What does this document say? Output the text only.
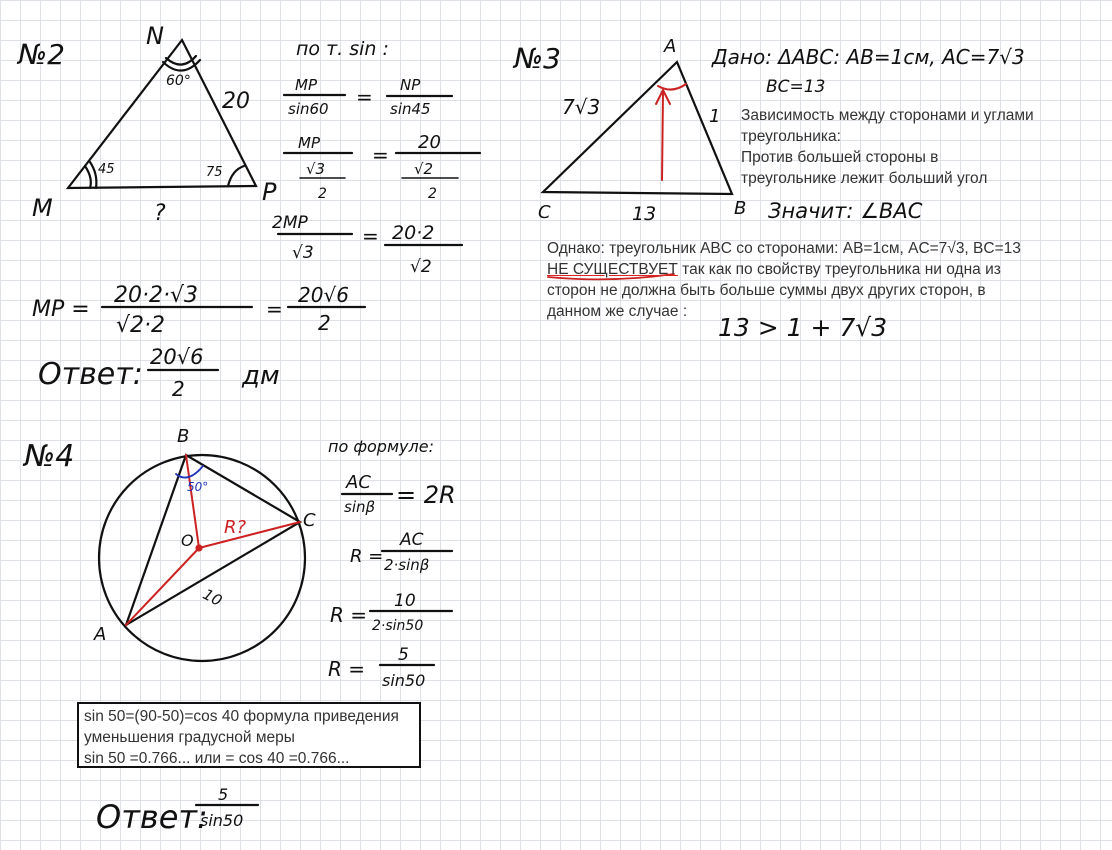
№2
N
M
P
60°
45	75
20
?
по т. sin :
MP
sin60 = NP
sin45
MP
√3
2
=
20
√2
2
2MP
√3
= 20·2
√2
MP =
20·2·√3
√2·2
=
20√6
2
Ответ: 20√6
2 дм
№3	A
C	B
7√3	1
13
Дано: ΔABC: AB=1см, AC=7√3
BC=13
Значит: ∠BAC
13 > 1 + 7√3
№4
B
C
A
O
50°
R?
10
по формуле:
AC
sinβ = 2R
R =
AC
2·sinβ
R =
10
2·sin50
R =
5
sin50
Ответ:
5
sin50
Зависимость между сторонами и углами
треугольника:
Против большей стороны в
треугольнике лежит больший угол
Однако: треугольник ABC со сторонами: AB=1см, AC=7√3, BC=13
НЕ СУЩЕСТВУЕТ так как по свойству треугольника ни одна из
сторон не должна быть больше суммы двух других сторон, в
данном же случае :
sin 50=(90-50)=cos 40 формула приведения
уменьшения градусной меры
sin 50 =0.766... или = cos 40 =0.766...
